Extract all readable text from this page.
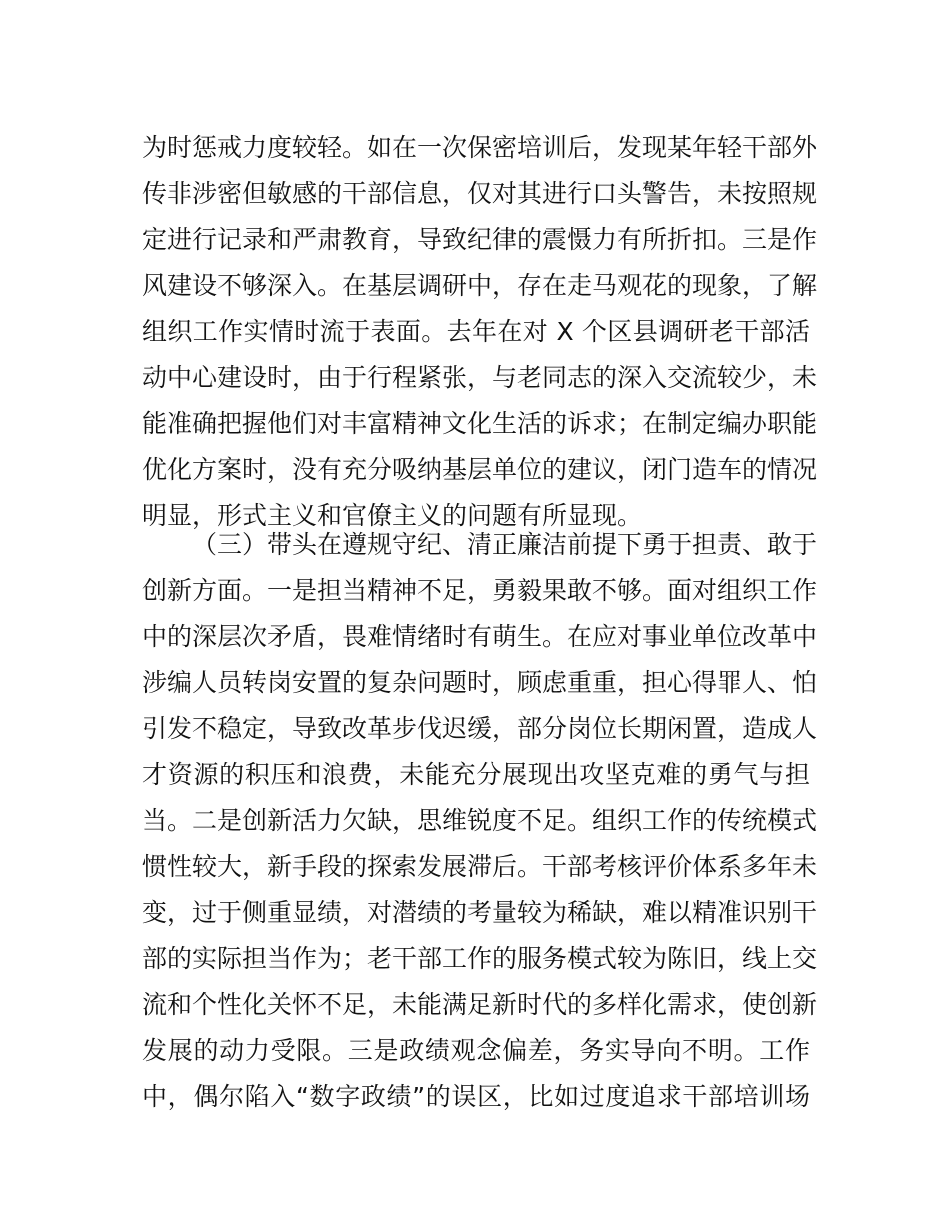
为时惩戒力度较轻。如在一次保密培训后，发现某年轻干部外
传非涉密但敏感的干部信息，仅对其进行口头警告，未按照规
定进行记录和严肃教育，导致纪律的震慑力有所折扣。三是作
风建设不够深入。在基层调研中，存在走马观花的现象，了解
组织工作实情时流于表面。去年在对 X 个区县调研老干部活
动中心建设时，由于行程紧张，与老同志的深入交流较少，未
能准确把握他们对丰富精神文化生活的诉求；在制定编办职能
优化方案时，没有充分吸纳基层单位的建议，闭门造车的情况
明显，形式主义和官僚主义的问题有所显现。
（三）带头在遵规守纪、清正廉洁前提下勇于担责、敢于
创新方面。一是担当精神不足，勇毅果敢不够。面对组织工作
中的深层次矛盾，畏难情绪时有萌生。在应对事业单位改革中
涉编人员转岗安置的复杂问题时，顾虑重重，担心得罪人、怕
引发不稳定，导致改革步伐迟缓，部分岗位长期闲置，造成人
才资源的积压和浪费，未能充分展现出攻坚克难的勇气与担
当。二是创新活力欠缺，思维锐度不足。组织工作的传统模式
惯性较大，新手段的探索发展滞后。干部考核评价体系多年未
变，过于侧重显绩，对潜绩的考量较为稀缺，难以精准识别干
部的实际担当作为；老干部工作的服务模式较为陈旧，线上交
流和个性化关怀不足，未能满足新时代的多样化需求，使创新
发展的动力受限。三是政绩观念偏差，务实导向不明。工作
中，偶尔陷入“数字政绩”的误区，比如过度追求干部培训场
